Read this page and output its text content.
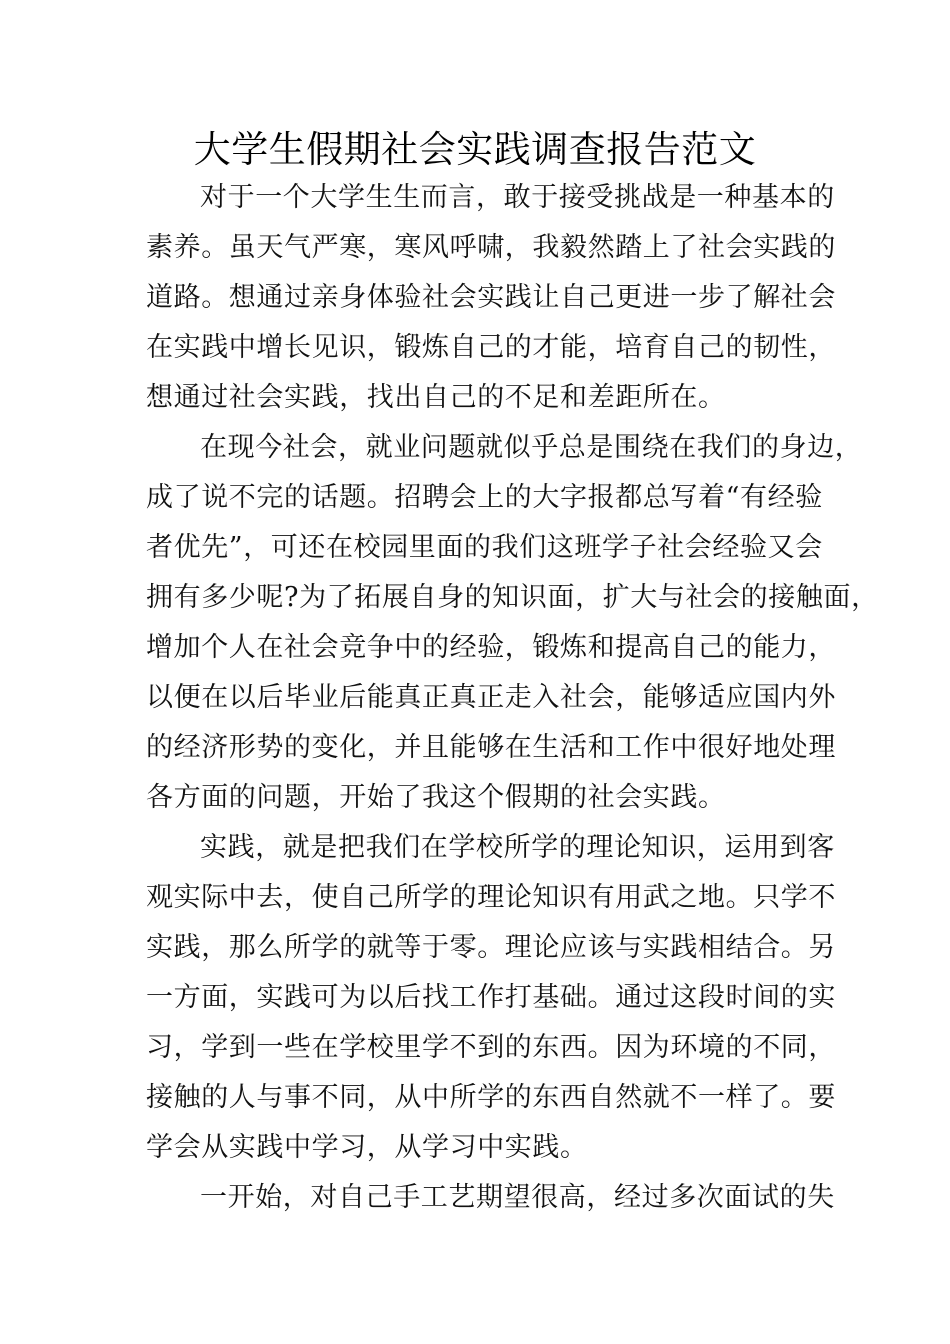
大学生假期社会实践调查报告范文
对于一个大学生生而言，敢于接受挑战是一种基本的
素养。虽天气严寒，寒风呼啸，我毅然踏上了社会实践的
道路。想通过亲身体验社会实践让自己更进一步了解社会
在实践中增长见识，锻炼自己的才能，培育自己的韧性，
想通过社会实践，找出自己的不足和差距所在。
在现今社会，就业问题就似乎总是围绕在我们的身边，
成了说不完的话题。招聘会上的大字报都总写着“有经验
者优先”，可还在校园里面的我们这班学子社会经验又会
拥有多少呢?为了拓展自身的知识面，扩大与社会的接触面，
增加个人在社会竞争中的经验，锻炼和提高自己的能力，
以便在以后毕业后能真正真正走入社会，能够适应国内外
的经济形势的变化，并且能够在生活和工作中很好地处理
各方面的问题，开始了我这个假期的社会实践。
实践，就是把我们在学校所学的理论知识，运用到客
观实际中去，使自己所学的理论知识有用武之地。只学不
实践，那么所学的就等于零。理论应该与实践相结合。另
一方面，实践可为以后找工作打基础。通过这段时间的实
习，学到一些在学校里学不到的东西。因为环境的不同，
接触的人与事不同，从中所学的东西自然就不一样了。要
学会从实践中学习，从学习中实践。
一开始，对自己手工艺期望很高，经过多次面试的失
